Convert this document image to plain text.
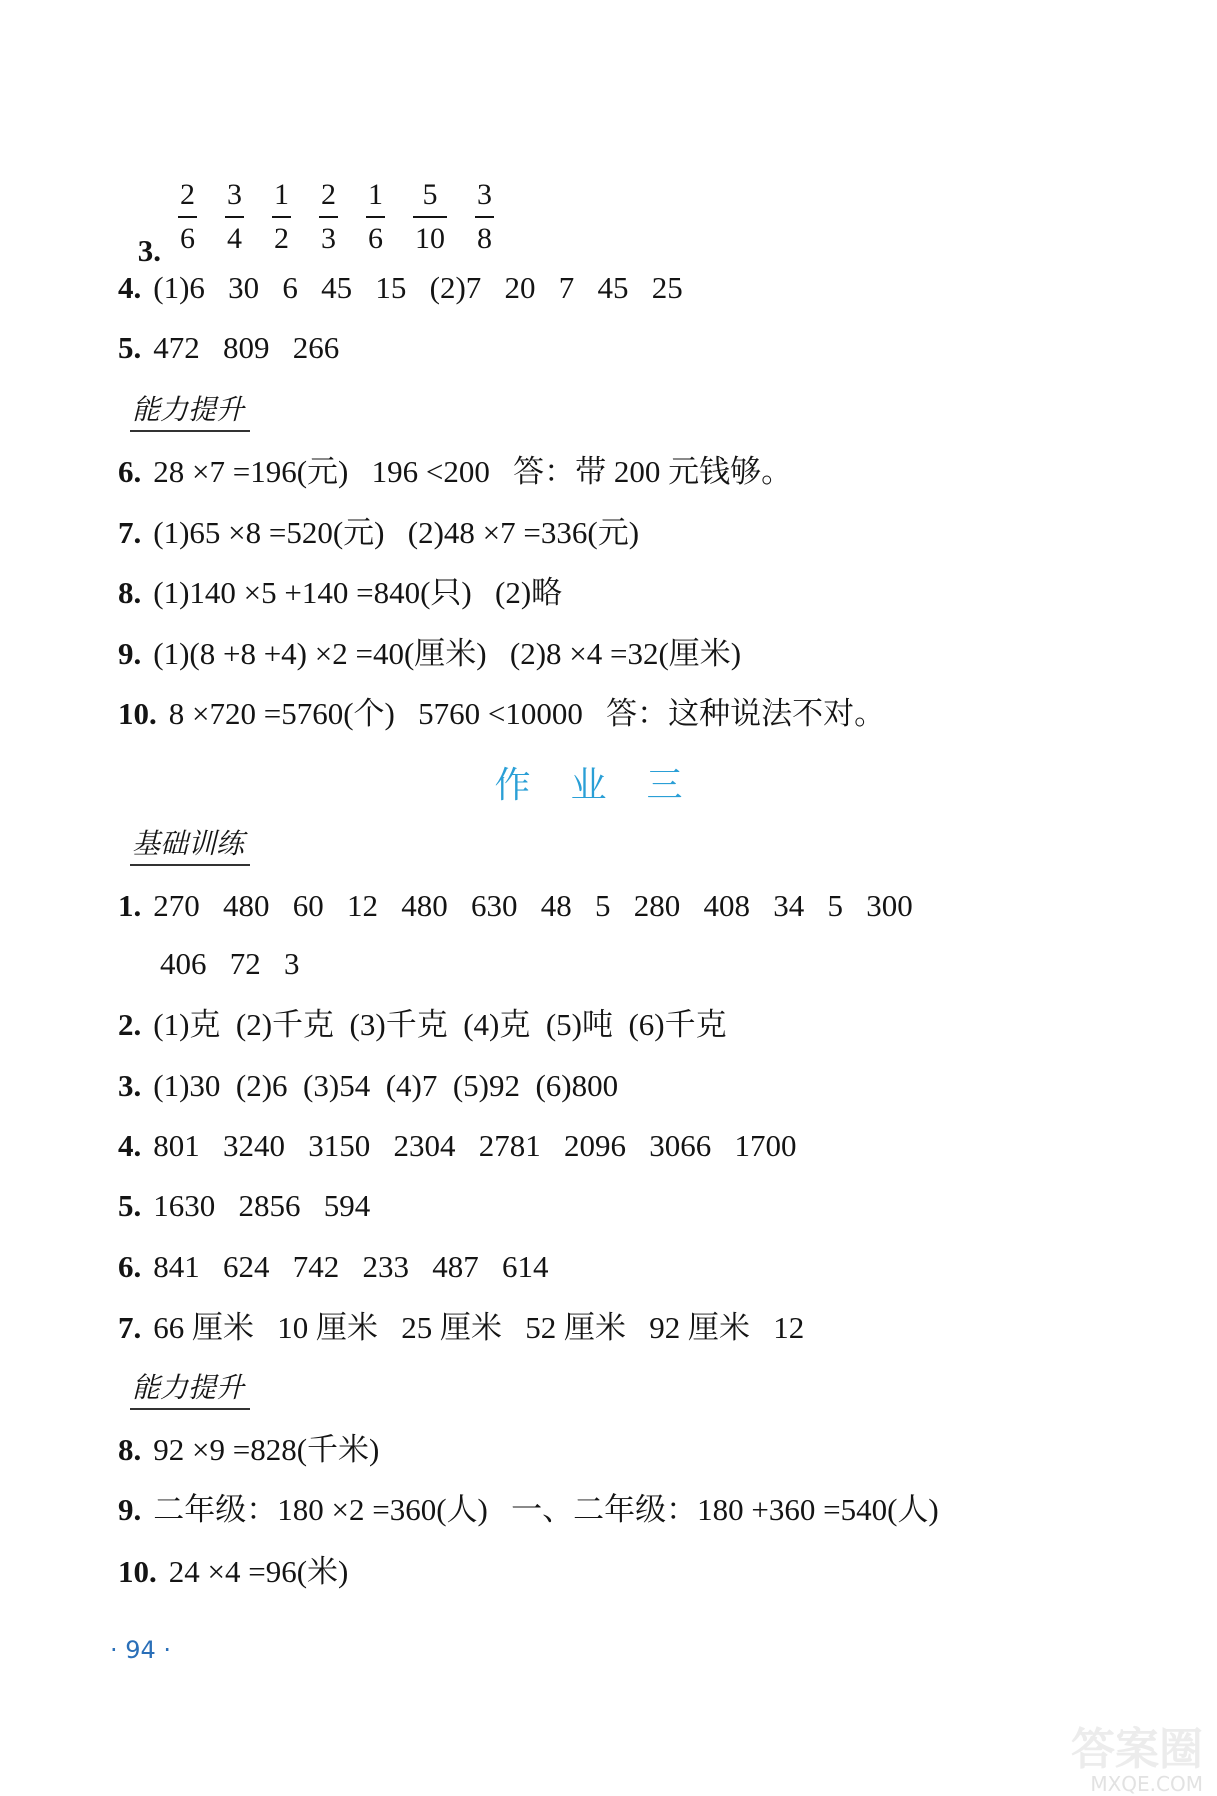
3. $\frac{2}{6} \frac{3}{4} \frac{1}{2} \frac{2}{3} \frac{1}{6} \frac{5}{10} \frac{3}{8}$
4. (1)6   30   6   45   15   (2)7   20   7   45   25
5. 472   809   266
能力提升
6. 28 ×7 =196(元)   196 <200   答：带 200 元钱够。
7. (1)65 ×8 =520(元)   (2)48 ×7 =336(元)
8. (1)140 ×5 +140 =840(只)   (2)略
9. (1)(8 +8 +4) ×2 =40(厘米)   (2)8 ×4 =32(厘米)
10. 8 ×720 =5760(个)   5760 <10000   答：这种说法不对。
作业三
基础训练
1. 270   480   60   12   480   630   48   5   280   408   34   5   300
406   72   3
2. (1)克  (2)千克  (3)千克  (4)克  (5)吨  (6)千克
3. (1)30  (2)6  (3)54  (4)7  (5)92  (6)800
4. 801   3240   3150   2304   2781   2096   3066   1700
5. 1630   2856   594
6. 841   624   742   233   487   614
7. 66 厘米   10 厘米   25 厘米   52 厘米   92 厘米   12
能力提升
8. 92 ×9 =828(千米)
9. 二年级：180 ×2 =360(人)   一、二年级：180 +360 =540(人)
10. 24 ×4 =96(米)
· 94 ·
答案圈
MXQE.COM
